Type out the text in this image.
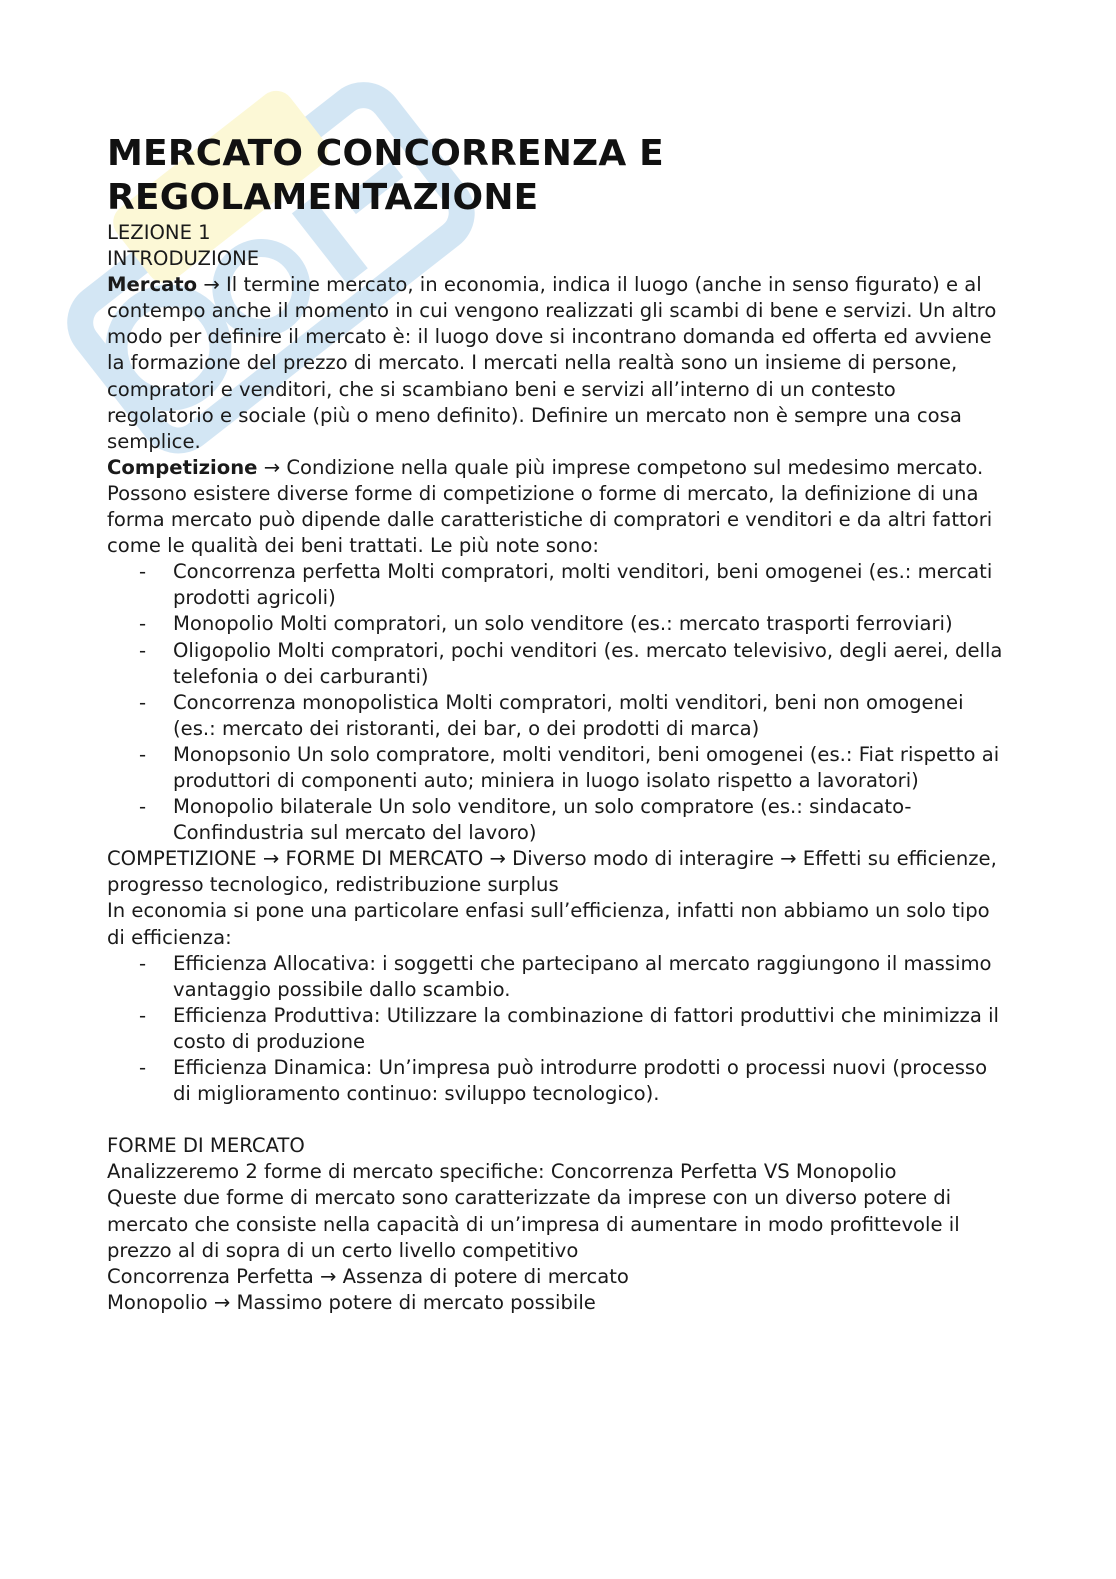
MERCATO CONCORRENZA E REGOLAMENTAZIONE
LEZIONE 1
INTRODUZIONE

Mercato → Il termine mercato, in economia, indica il luogo (anche in senso figurato) e al contempo anche il momento in cui vengono realizzati gli scambi di bene e servizi. Un altro modo per definire il mercato è: il luogo dove si incontrano domanda ed offerta ed avviene la formazione del prezzo di mercato. I mercati nella realtà sono un insieme di persone, compratori e venditori, che si scambiano beni e servizi all’interno di un contesto regolatorio e sociale (più o meno definito). Definire un mercato non è sempre una cosa semplice.

Competizione → Condizione nella quale più imprese competono sul medesimo mercato.

Possono esistere diverse forme di competizione o forme di mercato, la definizione di una forma mercato può dipende dalle caratteristiche di compratori e venditori e da altri fattori come le qualità dei beni trattati. Le più note sono:

- Concorrenza perfetta Molti compratori, molti venditori, beni omogenei (es.: mercati prodotti agricoli)
- Monopolio Molti compratori, un solo venditore (es.: mercato trasporti ferroviari)
- Oligopolio Molti compratori, pochi venditori (es. mercato televisivo, degli aerei, della telefonia o dei carburanti)
- Concorrenza monopolistica Molti compratori, molti venditori, beni non omogenei (es.: mercato dei ristoranti, dei bar, o dei prodotti di marca)
- Monopsonio Un solo compratore, molti venditori, beni omogenei (es.: Fiat rispetto ai produttori di componenti auto; miniera in luogo isolato rispetto a lavoratori)
- Monopolio bilaterale Un solo venditore, un solo compratore (es.: sindacato-Confindustria sul mercato del lavoro)

COMPETIZIONE → FORME DI MERCATO → Diverso modo di interagire → Effetti su efficienze, progresso tecnologico, redistribuzione surplus

In economia si pone una particolare enfasi sull’efficienza, infatti non abbiamo un solo tipo di efficienza:

- Efficienza Allocativa: i soggetti che partecipano al mercato raggiungono il massimo vantaggio possibile dallo scambio.
- Efficienza Produttiva: Utilizzare la combinazione di fattori produttivi che minimizza il costo di produzione
- Efficienza Dinamica: Un’impresa può introdurre prodotti o processi nuovi (processo di miglioramento continuo: sviluppo tecnologico).
FORME DI MERCATO

Analizzeremo 2 forme di mercato specifiche: Concorrenza Perfetta VS Monopolio

Queste due forme di mercato sono caratterizzate da imprese con un diverso potere di mercato che consiste nella capacità di un’impresa di aumentare in modo profittevole il prezzo al di sopra di un certo livello competitivo

Concorrenza Perfetta → Assenza di potere di mercato
Monopolio → Massimo potere di mercato possibile
